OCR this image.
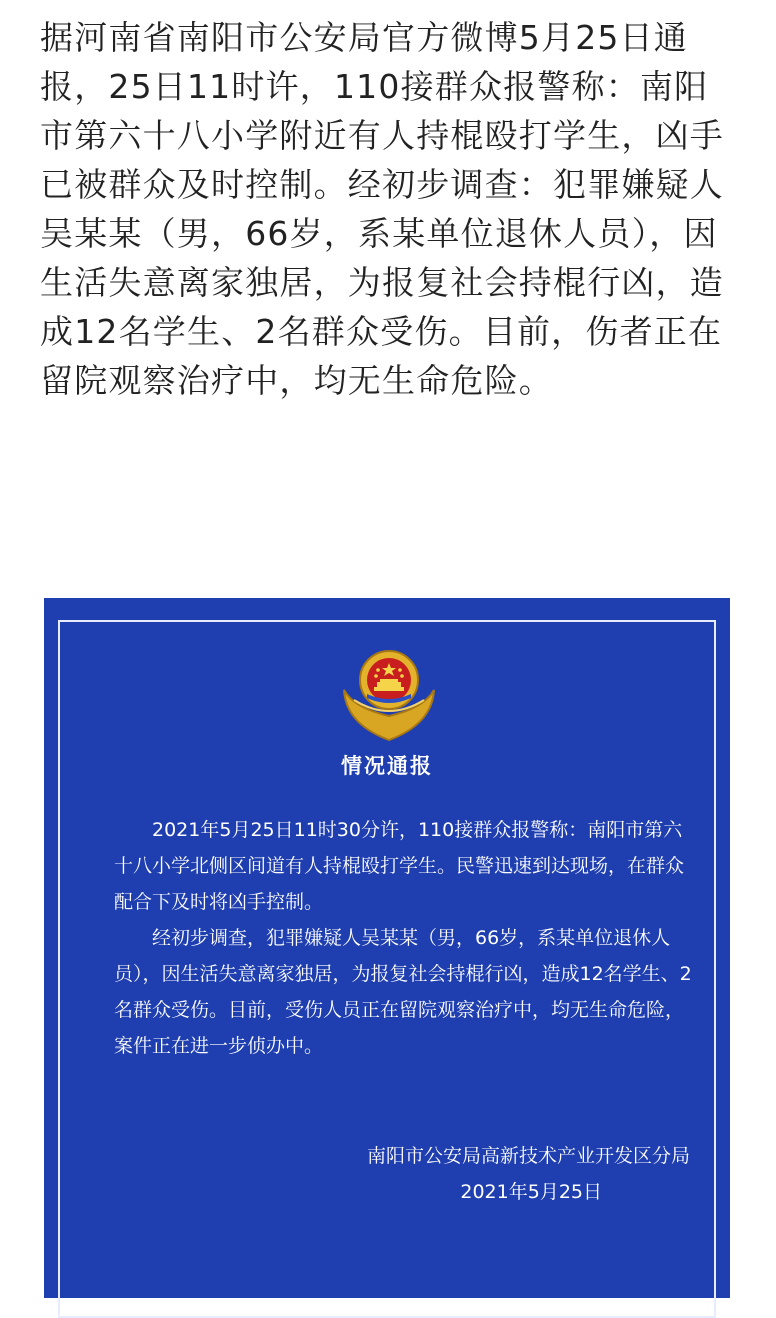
据河南省南阳市公安局官方微博5月25日通报，25日11时许，110接群众报警称：南阳市第六十八小学附近有人持棍殴打学生，凶手已被群众及时控制。经初步调查：犯罪嫌疑人吴某某（男，66岁，系某单位退休人员），因生活失意离家独居，为报复社会持棍行凶，造成12名学生、2名群众受伤。目前，伤者正在留院观察治疗中，均无生命危险。

情况通报

2021年5月25日11时30分许，110接群众报警称：南阳市第六十八小学北侧区间道有人持棍殴打学生。民警迅速到达现场，在群众配合下及时将凶手控制。

经初步调查，犯罪嫌疑人吴某某（男，66岁，系某单位退休人员），因生活失意离家独居，为报复社会持棍行凶，造成12名学生、2名群众受伤。目前，受伤人员正在留院观察治疗中，均无生命危险，案件正在进一步侦办中。

南阳市公安局高新技术产业开发区分局
2021年5月25日
